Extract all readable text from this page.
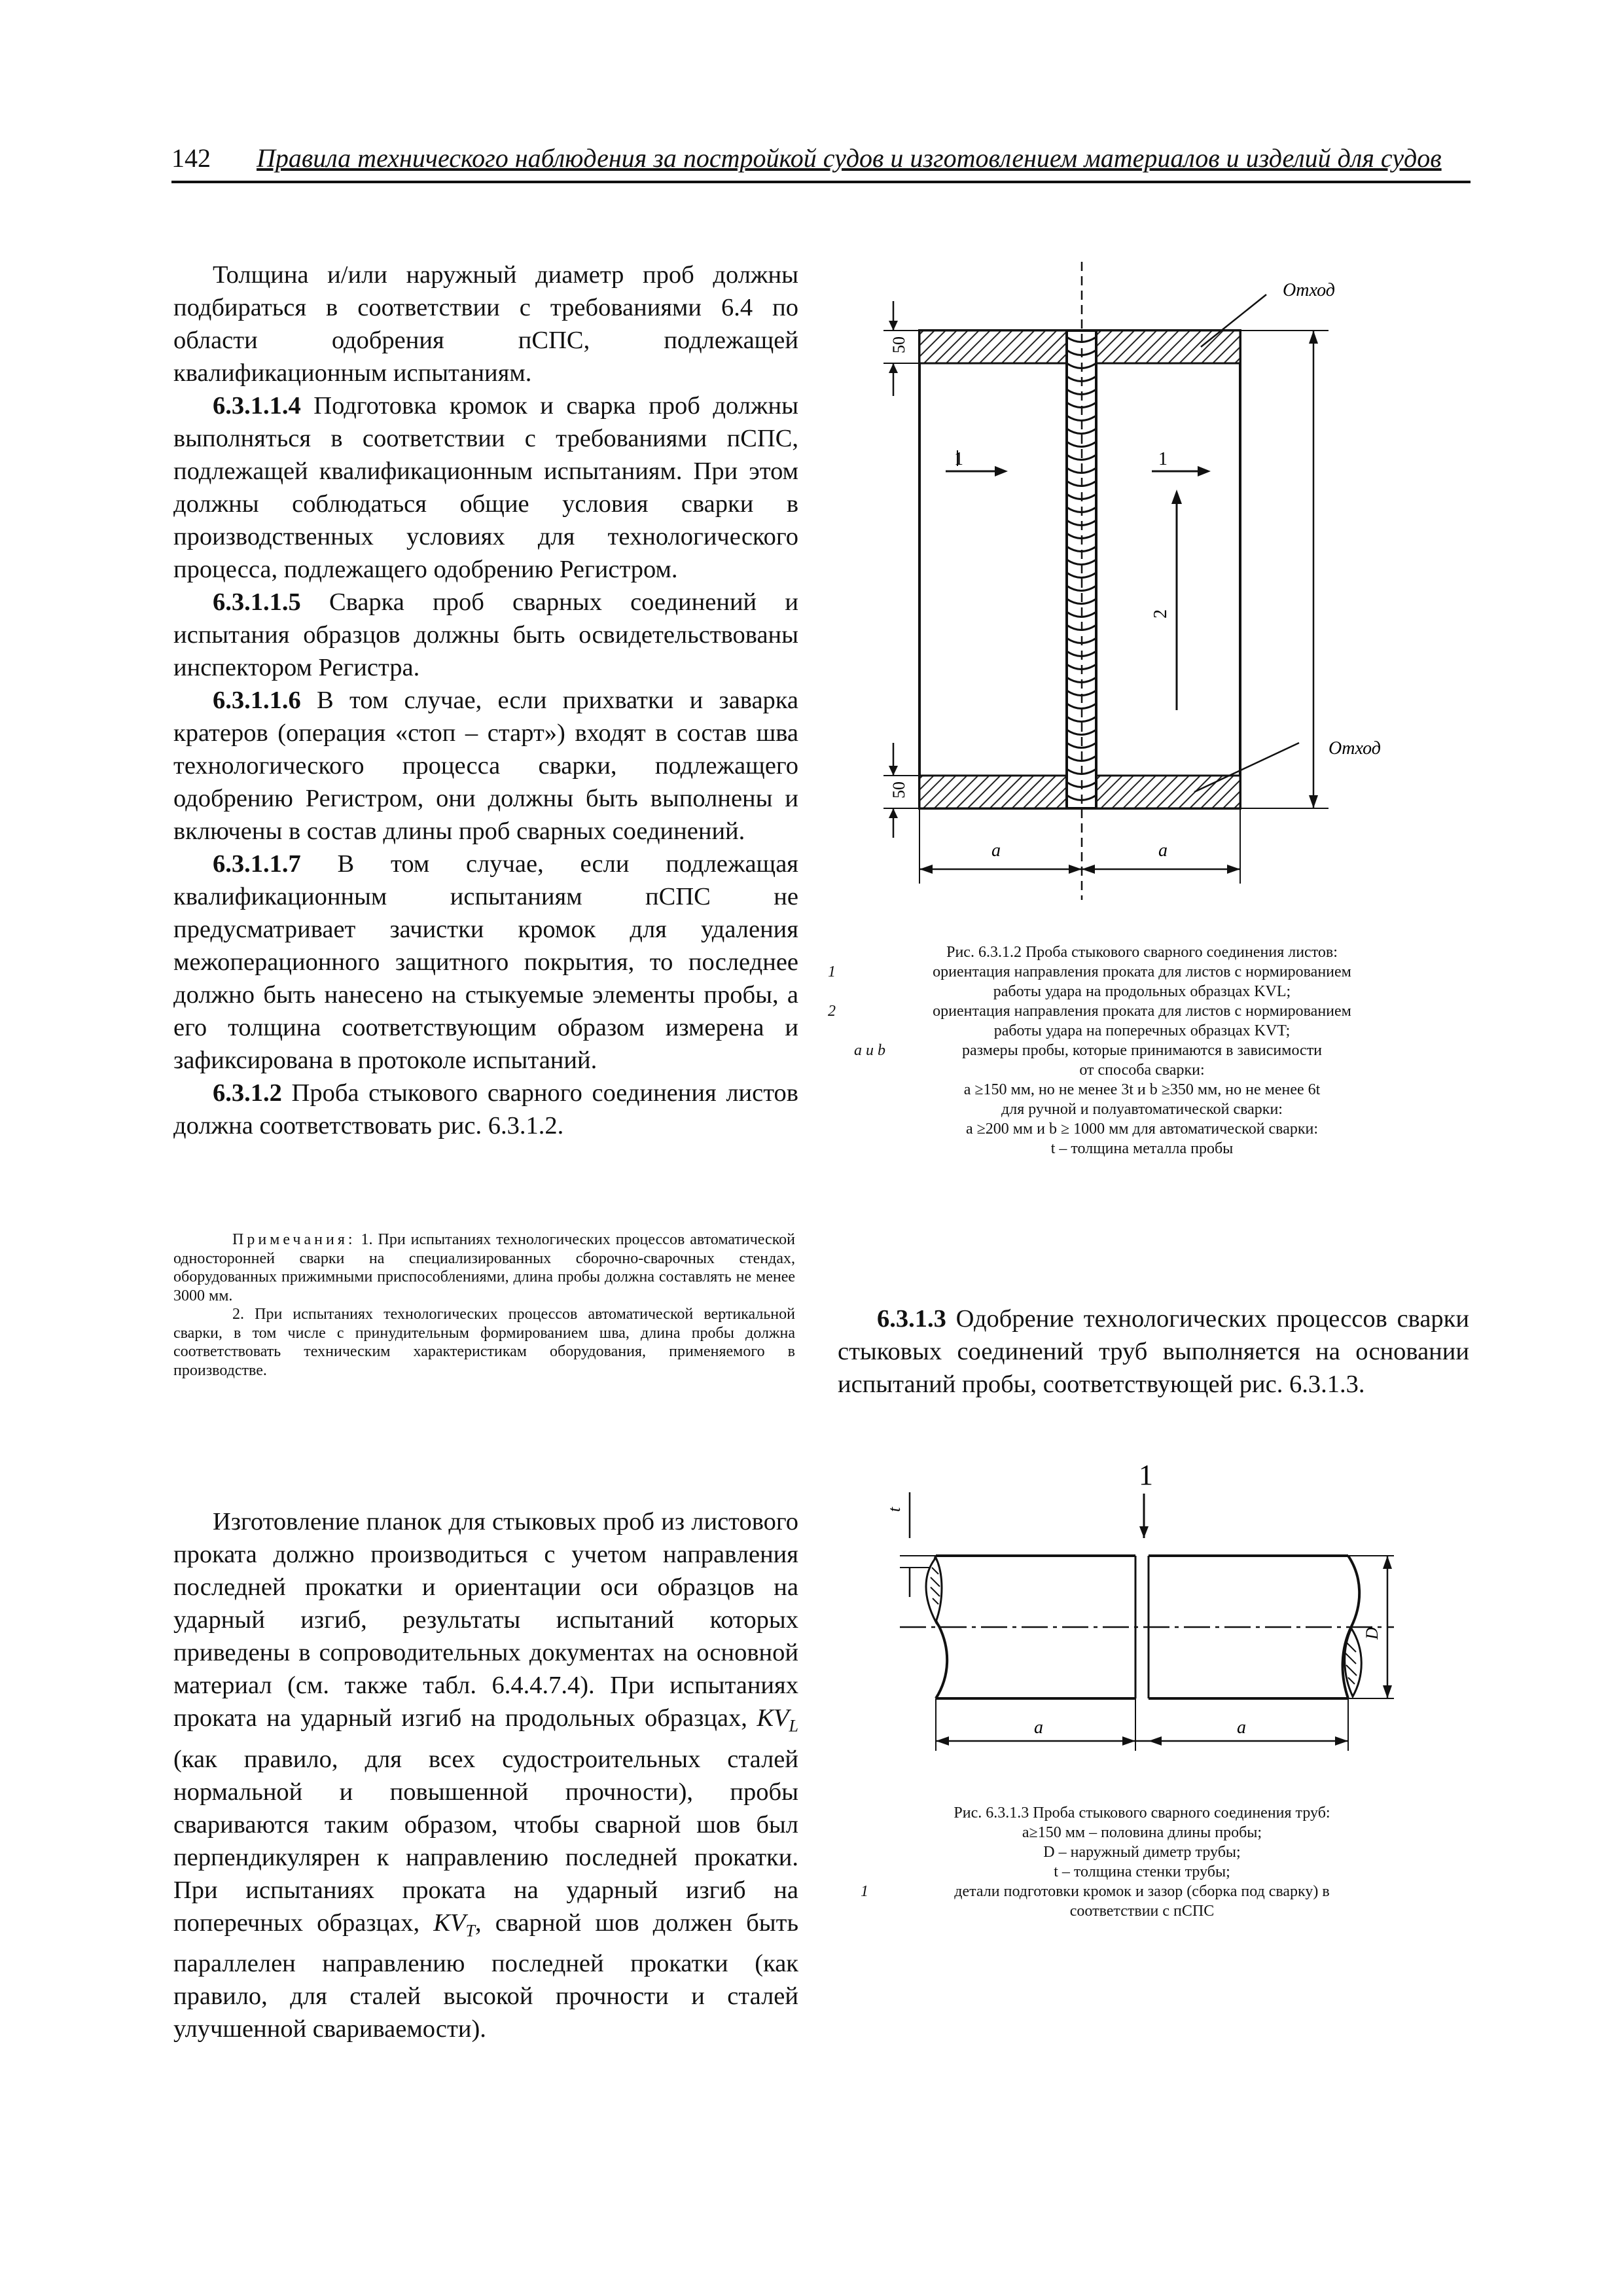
142 Правила технического наблюдения за постройкой судов и изготовлением материалов и изделий для судов

Толщина и/или наружный диаметр проб должны подбираться в соответствии с требованиями 6.4 по области одобрения пСПС, подлежащей квалификационным испытаниям.

6.3.1.1.4 Подготовка кромок и сварка проб должны выполняться в соответствии с требованиями пСПС, подлежащей квалификационным испытаниям. При этом должны соблюдаться общие условия сварки в производственных условиях для технологического процесса, подлежащего одобрению Регистром.

6.3.1.1.5 Сварка проб сварных соединений и испытания образцов должны быть освидетельствованы инспектором Регистра.

6.3.1.1.6 В том случае, если прихватки и заварка кратеров (операция «стоп – старт») входят в состав шва технологического процесса сварки, подлежащего одобрению Регистром, они должны быть выполнены и включены в состав длины проб сварных соединений.

6.3.1.1.7 В том случае, если подлежащая квалификационным испытаниям пСПС не предусматривает зачистки кромок для удаления межоперационного защитного покрытия, то последнее должно быть нанесено на стыкуемые элементы пробы, а его толщина соответствующим образом измерена и зафиксирована в протоколе испытаний.

6.3.1.2 Проба стыкового сварного соединения листов должна соответствовать рис. 6.3.1.2.

Примечания: 1. При испытаниях технологических процессов автоматической односторонней сварки на специализированных сборочно-сварочных стендах, оборудованных прижимными приспособлениями, длина пробы должна составлять не менее 3000 мм.

2. При испытаниях технологических процессов автоматической вертикальной сварки, в том числе с принудительным формированием шва, длина пробы должна соответствовать техническим характеристикам оборудования, применяемого в производстве.

Изготовление планок для стыковых проб из листового проката должно производиться с учетом направления последней прокатки и ориентации оси образцов на ударный изгиб, результаты испытаний которых приведены в сопроводительных документах на основной материал (см. также табл. 6.4.4.7.4). При испытаниях проката на ударный изгиб на продольных образцах, $KV_L$ (как правило, для всех судостроительных сталей нормальной и повышенной прочности), пробы свариваются таким образом, чтобы сварной шов был перпендикулярен к направлению последней прокатки. При испытаниях проката на ударный изгиб на поперечных образцах, $KV_T$, сварной шов должен быть параллелен направлению последней прокатки (как правило, для сталей высокой прочности и сталей улучшенной свариваемости).

Отход
Отход
50
50
1	1
2
a	a
Рис. 6.3.1.2 Проба стыкового сварного соединения листов:
1	ориентация направления проката для листов с нормированием
работы удара на продольных образцах KVL;
2	ориентация направления проката для листов с нормированием
работы удара на поперечных образцах KVT;
a и b	размеры пробы, которые принимаются в зависимости
от способа сварки:
a ≥150 мм, но не менее 3t и b ≥350 мм, но не менее 6t
для ручной и полуавтоматической сварки:
a ≥200 мм и b ≥ 1000 мм для автоматической сварки:
t – толщина металла пробы

6.3.1.3 Одобрение технологических процессов сварки стыковых соединений труб выполняется на основании испытаний пробы, соответствующей рис. 6.3.1.3.

1
t
D
a	a
Рис. 6.3.1.3 Проба стыкового сварного соединения труб:
a≥150 мм – половина длины пробы;
D – наружный диметр трубы;
t – толщина стенки трубы;
1	детали подготовки кромок и зазор (сборка под сварку) в
соответствии с пСПС
